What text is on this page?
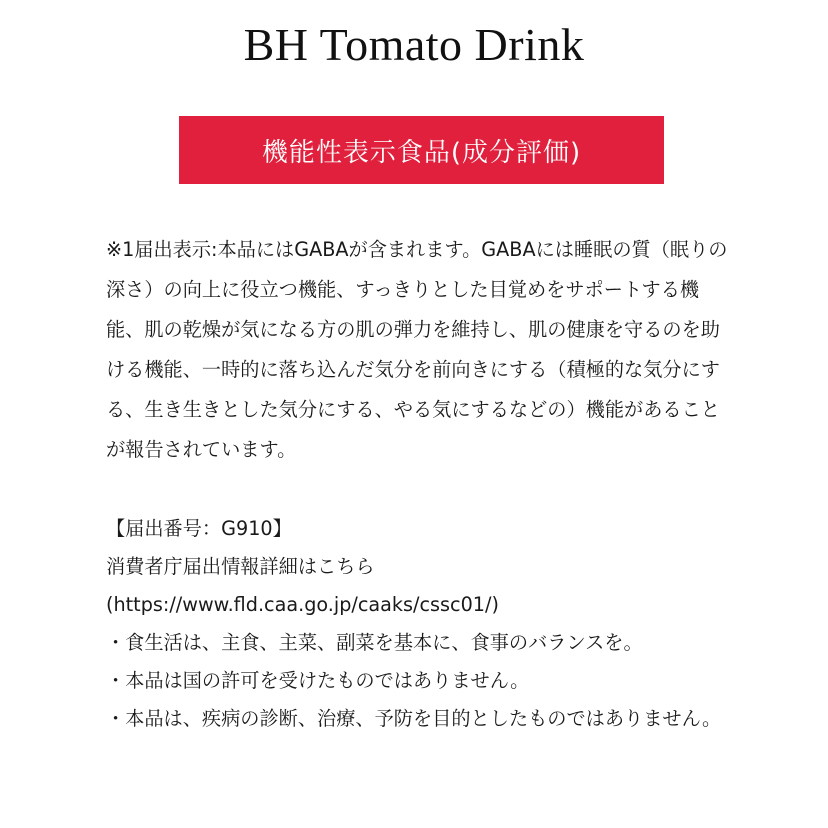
BH Tomato Drink
機能性表示食品(成分評価)

※1届出表示:本品にはGABAが含まれます。GABAには睡眠の質（眠りの深さ）の向上に役立つ機能、すっきりとした目覚めをサポートする機能、肌の乾燥が気になる方の肌の弾力を維持し、肌の健康を守るのを助ける機能、一時的に落ち込んだ気分を前向きにする（積極的な気分にする、生き生きとした気分にする、やる気にするなどの）機能があることが報告されています。

【届出番号：G910】
消費者庁届出情報詳細はこちら
(https://www.fld.caa.go.jp/caaks/cssc01/)
・食生活は、主食、主菜、副菜を基本に、食事のバランスを。
・本品は国の許可を受けたものではありません。
・本品は、疾病の診断、治療、予防を目的としたものではありません。
